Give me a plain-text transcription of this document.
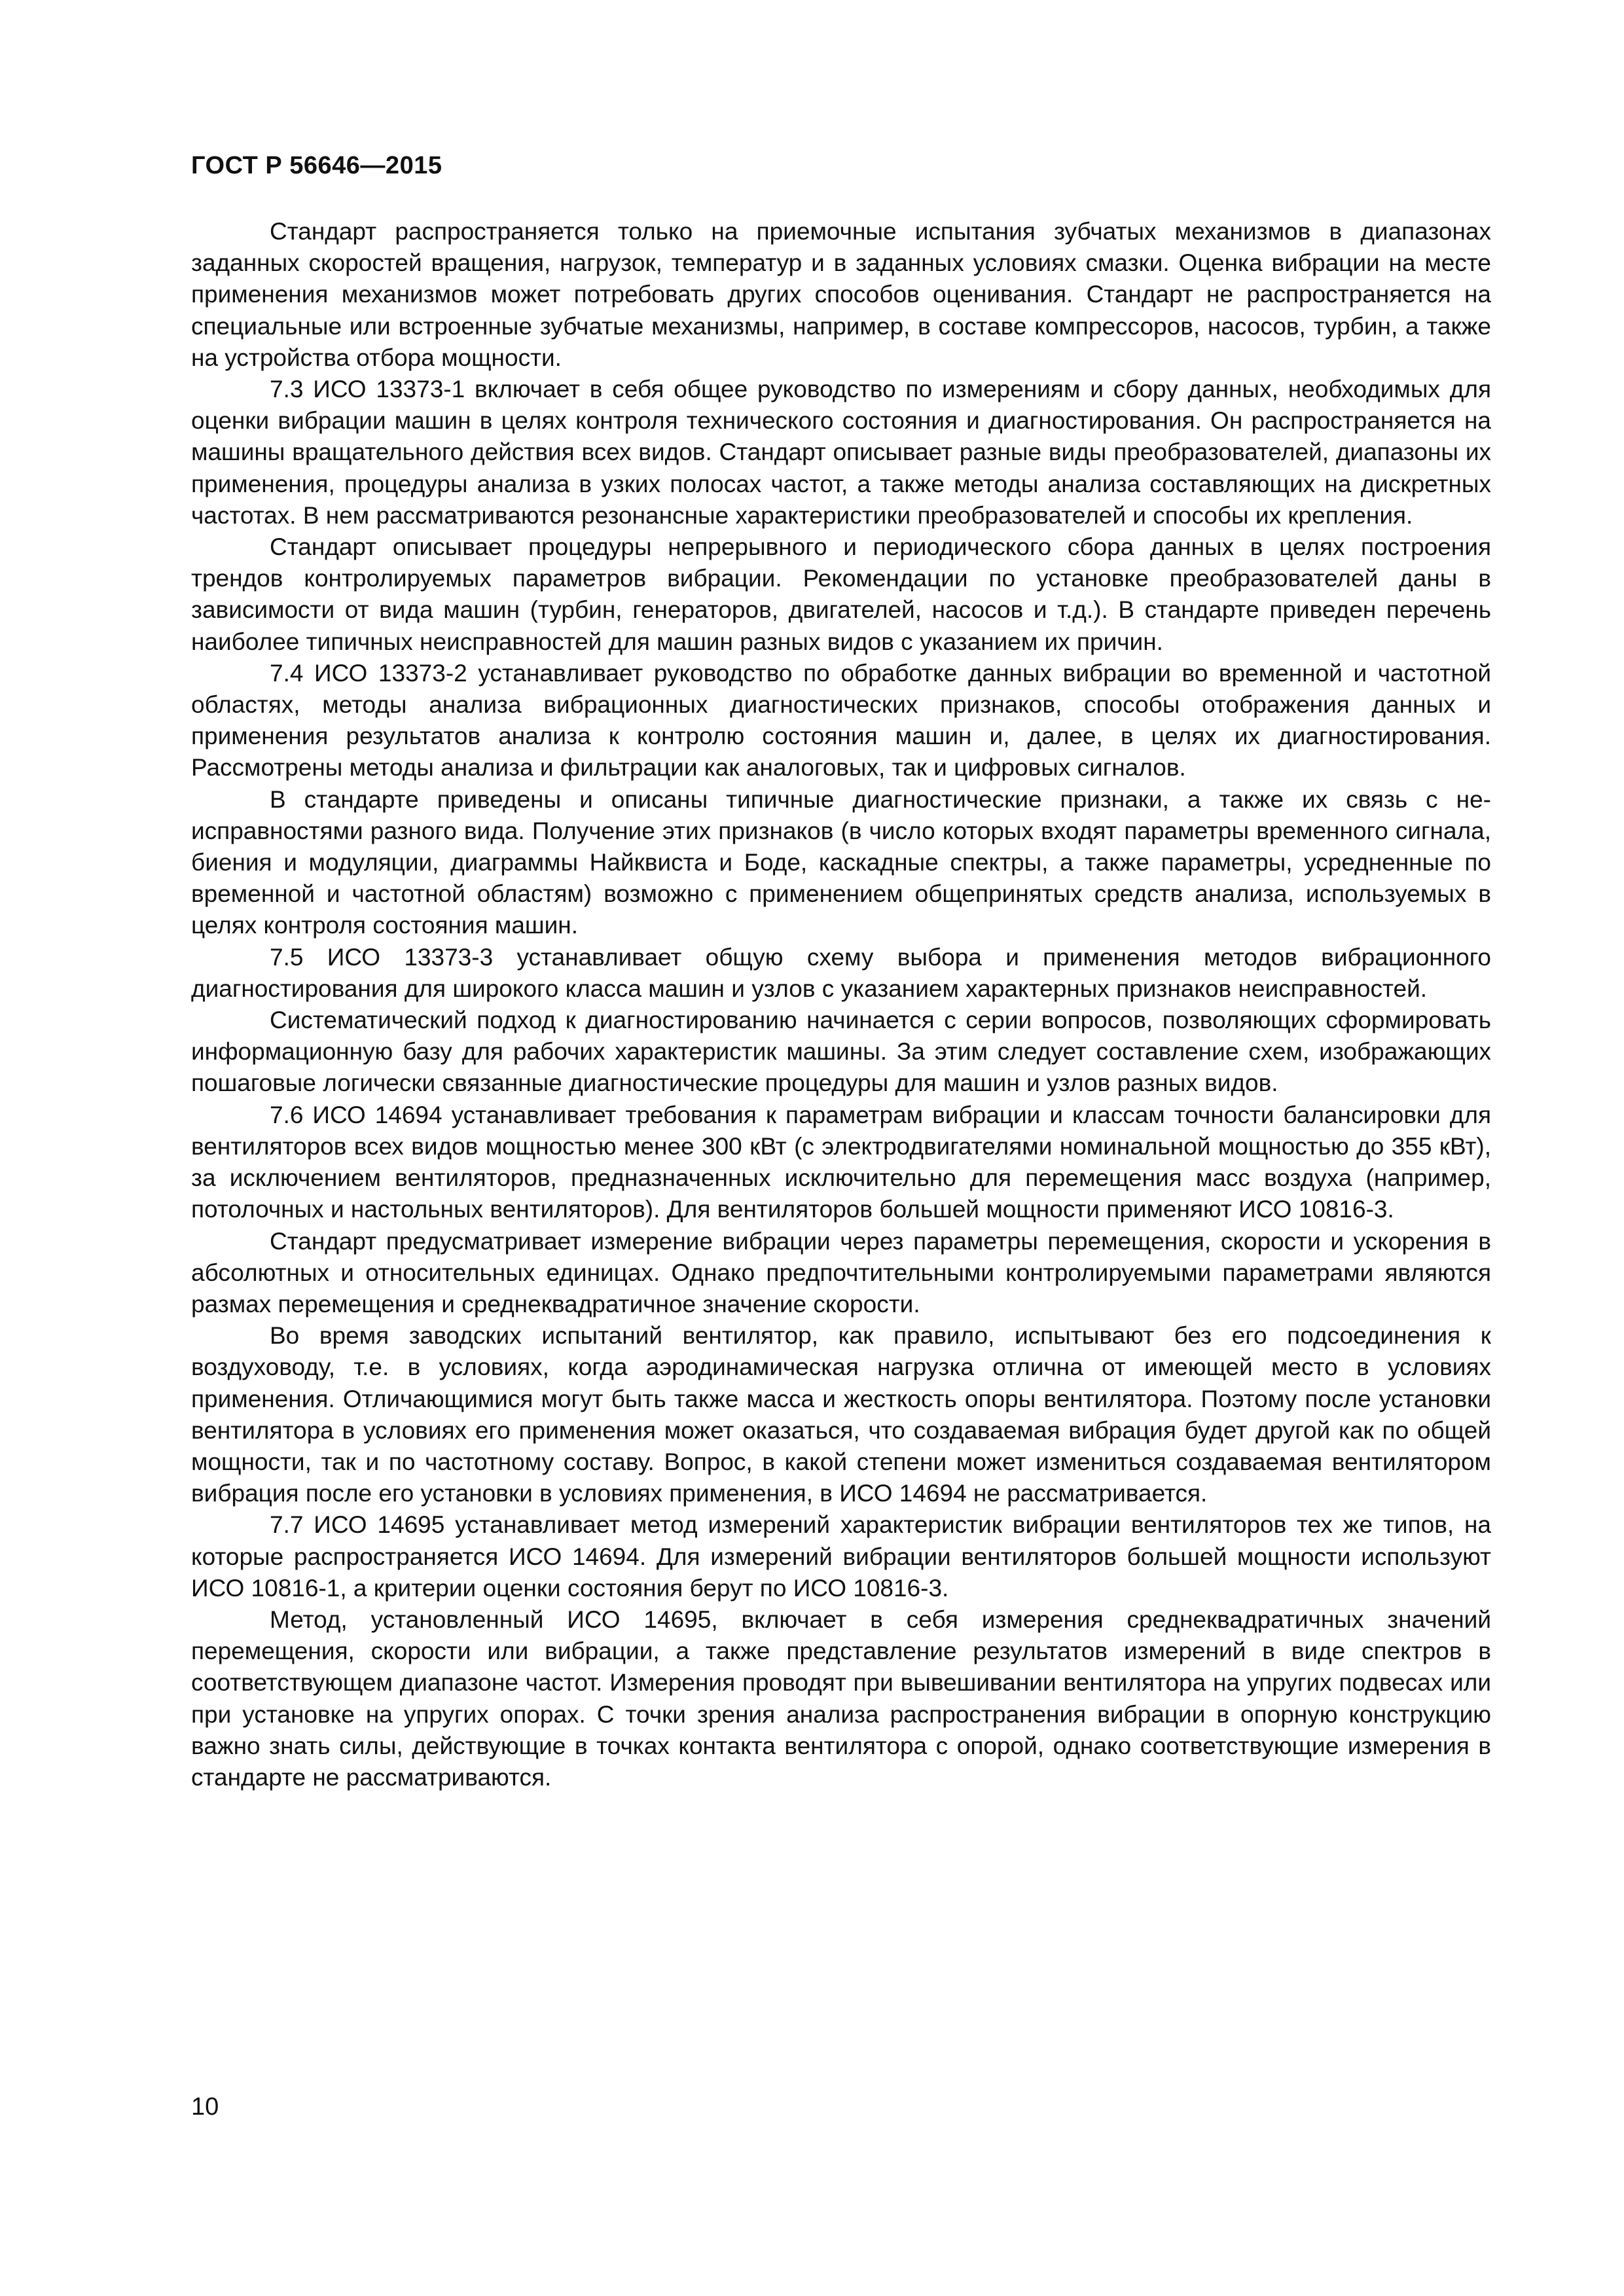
ГОСТ Р 56646—2015

Стандарт распространяется только на приемочные испытания зубчатых механизмов в диапазонах заданных скоростей вращения, нагрузок, температур и в заданных условиях смазки. Оценка вибрации на месте применения механизмов может потребовать других способов оценивания. Стандарт не распространяется на специальные или встроенные зубчатые механизмы, например, в составе компрессоров, насосов, турбин, а также на устройства отбора мощности.

7.3 ИСО 13373-1 включает в себя общее руководство по измерениям и сбору данных, необходимых для оценки вибрации машин в целях контроля технического состояния и диагностирования. Он распространяется на машины вращательного действия всех видов. Стандарт описывает разные виды преобразователей, диапазоны их применения, процедуры анализа в узких полосах частот, а также методы анализа составляющих на дискретных частотах. В нем рассматриваются резонансные характеристики преобразователей и способы их крепления.

Стандарт описывает процедуры непрерывного и периодического сбора данных в целях построения трендов контролируемых параметров вибрации. Рекомендации по установке преобразователей даны в зависимости от вида машин (турбин, генераторов, двигателей, насосов и т.д.). В стандарте приведен перечень наиболее типичных неисправностей для машин разных видов с указанием их причин.

7.4 ИСО 13373-2 устанавливает руководство по обработке данных вибрации во временной и частотной областях, методы анализа вибрационных диагностических признаков, способы отображения данных и применения результатов анализа к контролю состояния машин и, далее, в целях их диагностирования. Рассмотрены методы анализа и фильтрации как аналоговых, так и цифровых сигналов.

В стандарте приведены и описаны типичные диагностические признаки, а также их связь с неисправностями разного вида. Получение этих признаков (в число которых входят параметры временного сигнала, биения и модуляции, диаграммы Найквиста и Боде, каскадные спектры, а также параметры, усредненные по временной и частотной областям) возможно с применением общепринятых средств анализа, используемых в целях контроля состояния машин.

7.5 ИСО 13373-3 устанавливает общую схему выбора и применения методов вибрационного диагностирования для широкого класса машин и узлов с указанием характерных признаков неиспрaвностей.

Систематический подход к диагностированию начинается с серии вопросов, позволяющих сформировать информационную базу для рабочих характеристик машины. За этим следует составление схем, изображающих пошаговые логически связанные диагностические процедуры для машин и узлов разных видов.

7.6 ИСО 14694 устанавливает требования к параметрам вибрации и классам точности балансировки для вентиляторов всех видов мощностью менее 300 кВт (с электродвигателями номинальной мощностью до 355 кВт), за исключением вентиляторов, предназначенных исключительно для перемещения масс воздуха (например, потолочных и настольных вентиляторов). Для вентиляторов большей мощности применяют ИСО 10816-3.

Стандарт предусматривает измерение вибрации через параметры перемещения, скорости и ускорения в абсолютных и относительных единицах. Однако предпочтительными контролируемыми параметрами являются размах перемещения и среднеквадратичное значение скорости.

Во время заводских испытаний вентилятор, как правило, испытывают без его подсоединения к воздуховоду, т.е. в условиях, когда аэродинамическая нагрузка отлична от имеющей место в условиях применения. Отличающимися могут быть также масса и жесткость опоры вентилятора. Поэтому после установки вентилятора в условиях его применения может оказаться, что создаваемая вибрация будет другой как по общей мощности, так и по частотному составу. Вопрос, в какой степени может измениться создаваемая вентилятором вибрация после его установки в условиях применения, в ИСО 14694 не рассматривается.

7.7 ИСО 14695 устанавливает метод измерений характеристик вибрации вентиляторов тех же типов, на которые распространяется ИСО 14694. Для измерений вибрации вентиляторов большей мощности используют ИСО 10816-1, а критерии оценки состояния берут по ИСО 10816-3.

Метод, установленный ИСО 14695, включает в себя измерения среднеквадратичных значений перемещения, скорости или вибрации, а также представление результатов измерений в виде спектров в соответствующем диапазоне частот. Измерения проводят при вывешивании вентилятора на упругих подвесах или при установке на упругих опорах. С точки зрения анализа распространения вибрации в опорную конструкцию важно знать силы, действующие в точках контакта вентилятора с опорой, однако соответствующие измерения в стандарте не рассматриваются.

10
